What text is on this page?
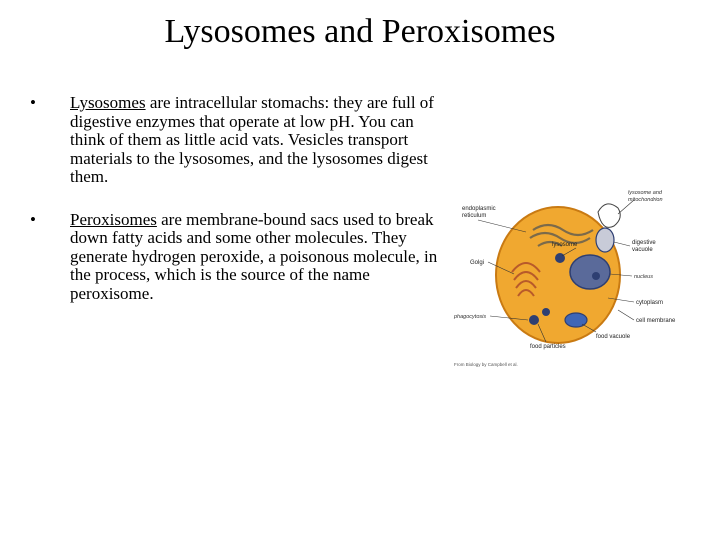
Lysosomes and Peroxisomes
• Lysosomes are intracellular stomachs: they are full of digestive enzymes that operate at low pH. You can think of them as little acid vats. Vesicles transport materials to the lysosomes, and the lysosomes digest them.
• Peroxisomes are membrane-bound sacs used to break down fatty acids and some other molecules. They generate hydrogen peroxide, a poisonous molecule, in the process, which is the source of the name peroxisome.
endoplasmic
reticulum
Golgi
lysosome
lysosome and
mitochondrion
digestive
vacuole
nucleus
cytoplasm
cell membrane
food vacuole
food particles
phagocytosis
From Biology by Campbell et al.
